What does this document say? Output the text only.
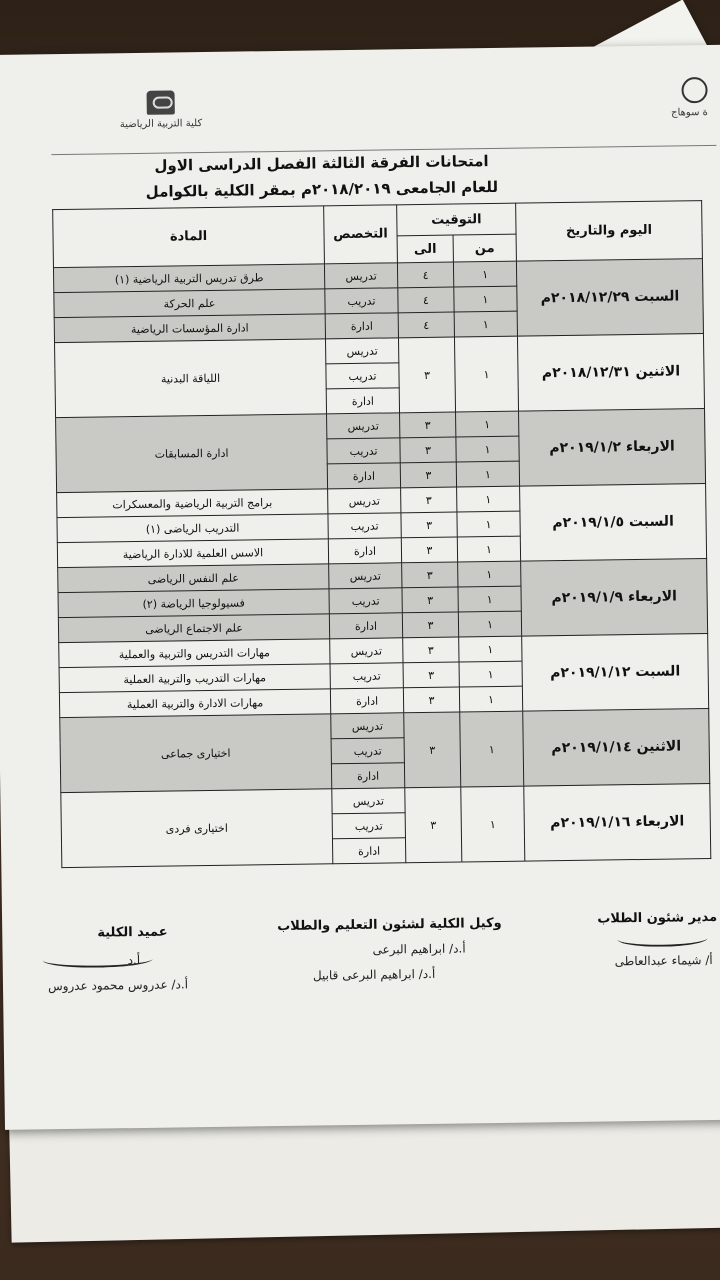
كلية التربية الرياضية
ة سوهاج
امتحانات الفرقة الثالثة الفصل الدراسى الاول
للعام الجامعى ٢٠١٨/٢٠١٩م بمقر الكلية بالكوامل
اليوم والتاريخ	التوقيت		التخصص	المادة
	من	الى		
السبت ٢٠١٨/١٢/٢٩م	١	٤	تدريس	طرق تدريس التربية الرياضية (١)
	١	٤	تدريب	علم الحركة
	١	٤	ادارة	ادارة المؤسسات الرياضية
الاثنين ٢٠١٨/١٢/٣١م	١	٣	تدريس	اللياقة البدنية
			تدريب	
			ادارة	
الاربعاء ٢٠١٩/١/٢م	١	٣	تدريس	ادارة المسابقات
	١	٣	تدريب	
	١	٣	ادارة	
السبت ٢٠١٩/١/٥م	١	٣	تدريس	برامج التربية الرياضية والمعسكرات
	١	٣	تدريب	التدريب الرياضى (١)
	١	٣	ادارة	الاسس العلمية للادارة الرياضية
الاربعاء ٢٠١٩/١/٩م	١	٣	تدريس	علم النفس الرياضى
	١	٣	تدريب	فسيولوجيا الرياضة (٢)
	١	٣	ادارة	علم الاجتماع الرياضى
السبت ٢٠١٩/١/١٢م	١	٣	تدريس	مهارات التدريس والتربية والعملية
	١	٣	تدريب	مهارات التدريب والتربية العملية
	١	٣	ادارة	مهارات الادارة والتربية العملية
الاثنين ٢٠١٩/١/١٤م	١	٣	تدريس	اختيارى جماعى
			تدريب	
			ادارة	
الاربعاء ٢٠١٩/١/١٦م	١	٣	تدريس	اختيارى فردى
			تدريب	
			ادارة	
مدير شئون الطلاب
أ/ شيماء عبدالعاطى
وكيل الكلية لشئون التعليم والطلاب
أ.د/ ابراهيم البرعى
أ.د/ ابراهيم البرعى قابيل
عميد الكلية
أ.د
أ.د/ عدروس محمود عدروس
